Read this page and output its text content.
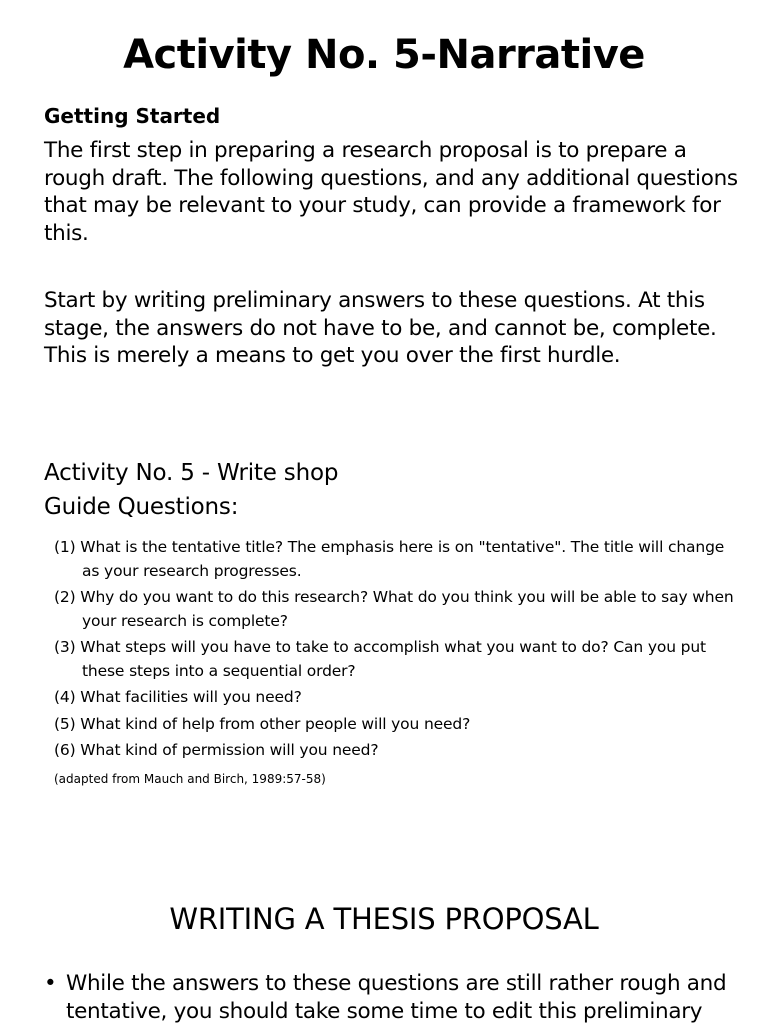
Activity No. 5-Narrative
Getting Started

The first step in preparing a research proposal is to prepare a rough draft. The following questions, and any additional questions that may be relevant to your study, can provide a framework for this.

Start by writing preliminary answers to these questions. At this stage, the answers do not have to be, and cannot be, complete. This is merely a means to get you over the first hurdle.

Activity No. 5 - Write shop
Guide Questions:
(1) What is the tentative title? The emphasis here is on "tentative". The title will change as your research progresses.
(2) Why do you want to do this research? What do you think you will be able to say when your research is complete?
(3) What steps will you have to take to accomplish what you want to do? Can you put these steps into a sequential order?
(4) What facilities will you need?
(5) What kind of help from other people will you need?
(6) What kind of permission will you need?
(adapted from Mauch and Birch, 1989:57-58)
WRITING A THESIS PROPOSAL
• While the answers to these questions are still rather rough and tentative, you should take some time to edit this preliminary
